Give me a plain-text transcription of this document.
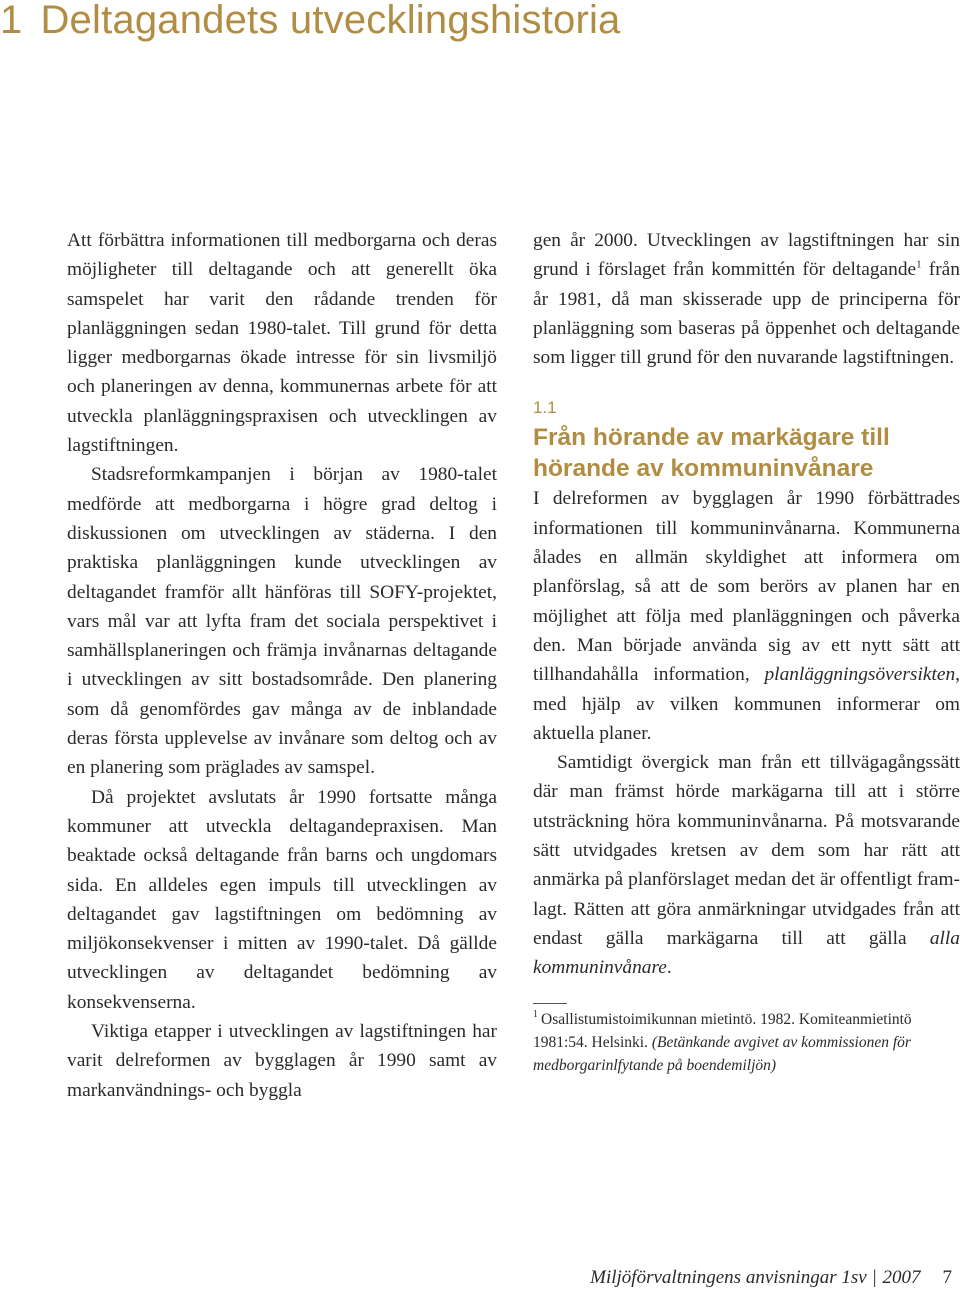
1 Deltagandets utvecklingshistoria

Att förbättra informationen till medborgarna och deras möjligheter till deltagande och att generellt öka samspelet har varit den rådande trenden för planläggningen sedan 1980-talet. Till grund för detta ligger medborgarnas ökade intresse för sin livsmiljö och planeringen av denna, kommunernas arbete för att utveckla planläggningspraxisen och utvecklingen av lagstiftningen.

Stadsreformkampanjen i början av 1980-talet medförde att medborgarna i högre grad deltog i diskussionen om utvecklingen av städerna. I den praktiska planläggningen kunde utvecklingen av deltagandet framför allt hänföras till SOFY-projektet, vars mål var att lyfta fram det sociala perspektivet i samhällsplaneringen och främja invånarnas deltagande i utvecklingen av sitt bostadsområde. Den planering som då genomfördes gav många av de inblandade deras första upplevelse av invånare som deltog och av en planering som präglades av samspel.

Då projektet avslutats år 1990 fortsatte många kommuner att utveckla deltagandepraxisen. Man beaktade också deltagande från barns och ungdomars sida. En alldeles egen impuls till utvecklingen av deltagandet gav lagstiftningen om bedömning av miljökonsekvenser i mitten av 1990-talet. Då gällde utvecklingen av deltagandet bedömning av konsekvenserna.

Viktiga etapper i utvecklingen av lagstiftningen har varit delreformen av bygglagen år 1990 samt av markanvändnings- och byggla

gen år 2000. Utvecklingen av lagstiftningen har sin grund i förslaget från kommittén för deltagande$^1$ från år 1981, då man skisserade upp de principerna för planläggning som baseras på öppenhet och deltagande som ligger till grund för den nuvarande lagstiftningen.

1.1
Från hörande av markägare till hörande av kommuninvånare

I delreformen av bygglagen år 1990 förbättrades informationen till kommuninvånarna. Kommunerna ålades en allmän skyldighet att informera om planförslag, så att de som berörs av planen har en möjlighet att följa med planläggningen och påverka den. Man började använda sig av ett nytt sätt att tillhandahålla information, planläggningsöversikten, med hjälp av vilken kommunen informerar om aktuella planer.

Samtidigt övergick man från ett tillvägagångssätt där man främst hörde markägarna till att i större utsträckning höra kommuninvånarna. På motsvarande sätt utvidgades kretsen av dem som har rätt att anmärka på planförslaget medan det är offentligt framlagt. Rätten att göra anmärkningar utvidgades från att endast gälla markägarna till att gälla alla kommuninvånare.

$^1$ Osallistumistoimikunnan mietintö. 1982. Komiteanmietintö 1981:54. Helsinki. (Betänkande avgivet av kommissionen för medborgarinlfytande på boendemiljön)
Miljöförvaltningens anvisningar 1sv | 2007 7
